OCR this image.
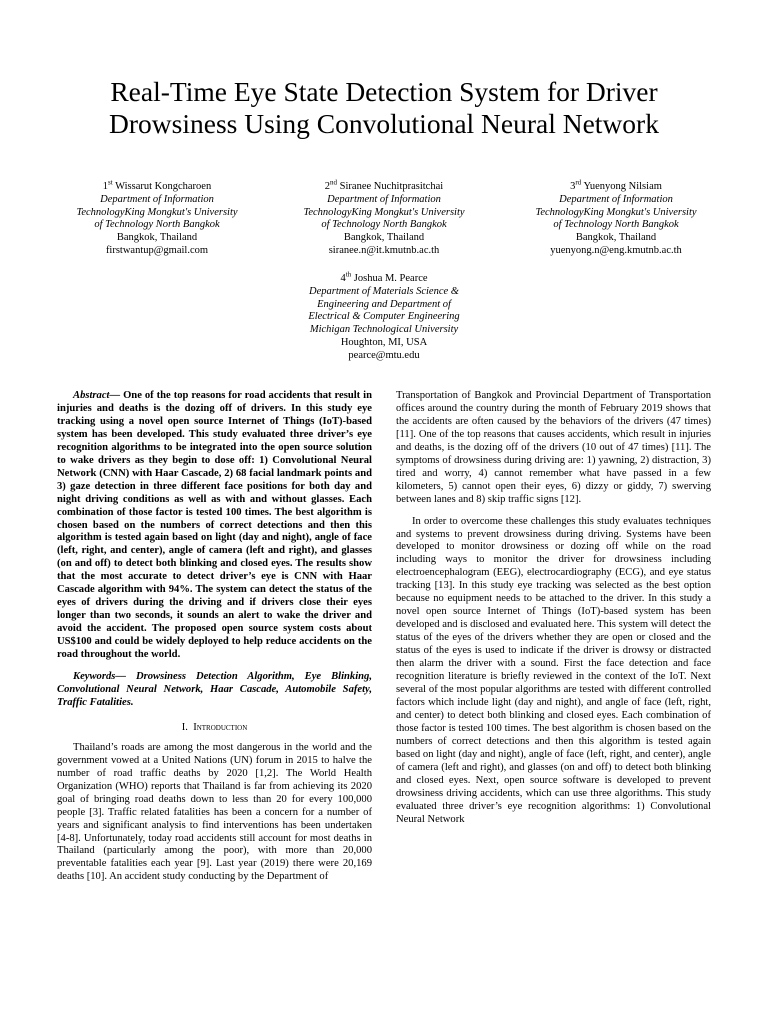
Real-Time Eye State Detection System for Driver
Drowsiness Using Convolutional Neural Network
1st Wissarut Kongcharoen
Department of Information
TechnologyKing Mongkut's University
of Technology North Bangkok
Bangkok, Thailand
firstwantup@gmail.com
2nd Siranee Nuchitprasitchai
Department of Information
TechnologyKing Mongkut's University
of Technology North Bangkok
Bangkok, Thailand
siranee.n@it.kmutnb.ac.th
3rd Yuenyong Nilsiam
Department of Information
TechnologyKing Mongkut's University
of Technology North Bangkok
Bangkok, Thailand
yuenyong.n@eng.kmutnb.ac.th
4th Joshua M. Pearce
Department of Materials Science &
Engineering and Department of
Electrical & Computer Engineering
Michigan Technological University
Houghton, MI, USA
pearce@mtu.edu

Abstract— One of the top reasons for road accidents that result in injuries and deaths is the dozing off of drivers. In this study eye tracking using a novel open source Internet of Things (IoT)-based system has been developed. This study evaluated three driver’s eye recognition algorithms to be integrated into the open source solution to wake drivers as they begin to dose off: 1) Convolutional Neural Network (CNN) with Haar Cascade, 2) 68 facial landmark points and 3) gaze detection in three different face positions for both day and night driving conditions as well as with and without glasses. Each combination of those factor is tested 100 times. The best algorithm is chosen based on the numbers of correct detections and then this algorithm is tested again based on light (day and night), angle of face (left, right, and center), angle of camera (left and right), and glasses (on and off) to detect both blinking and closed eyes. The results show that the most accurate to detect driver’s eye is CNN with Haar Cascade algorithm with 94%. The system can detect the status of the eyes of drivers during the driving and if drivers close their eyes longer than two seconds, it sounds an alert to wake the driver and avoid the accident. The proposed open source system costs about US$100 and could be widely deployed to help reduce accidents on the road throughout the world.

Keywords— Drowsiness Detection Algorithm, Eye Blinking, Convolutional Neural Network, Haar Cascade, Automobile Safety, Traffic Fatalities.

I. Introduction

Thailand’s roads are among the most dangerous in the world and the government vowed at a United Nations (UN) forum in 2015 to halve the number of road traffic deaths by 2020 [1,2]. The World Health Organization (WHO) reports that Thailand is far from achieving its 2020 goal of bringing road deaths down to less than 20 for every 100,000 people [3]. Traffic related fatalities has been a concern for a number of years and significant analysis to find interventions has been undertaken [4-8]. Unfortunately, today road accidents still account for most deaths in Thailand (particularly among the poor), with more than 20,000 preventable fatalities each year [9]. Last year (2019) there were 20,169 deaths [10]. An accident study conducting by the Department of

Transportation of Bangkok and Provincial Department of Transportation offices around the country during the month of February 2019 shows that the accidents are often caused by the behaviors of the drivers (47 times) [11]. One of the top reasons that causes accidents, which result in injuries and deaths, is the dozing off of the drivers (10 out of 47 times) [11]. The symptoms of drowsiness during driving are: 1) yawning, 2) distraction, 3) tired and worry, 4) cannot remember what have passed in a few kilometers, 5) cannot open their eyes, 6) dizzy or giddy, 7) swerving between lanes and 8) skip traffic signs [12].

In order to overcome these challenges this study evaluates techniques and systems to prevent drowsiness during driving. Systems have been developed to monitor drowsiness or dozing off while on the road including ways to monitor the driver for drowsiness including electroencephalogram (EEG), electrocardiography (ECG), and eye status tracking [13]. In this study eye tracking was selected as the best option because no equipment needs to be attached to the driver. In this study a novel open source Internet of Things (IoT)-based system has been developed and is disclosed and evaluated here. This system will detect the status of the eyes of the drivers whether they are open or closed and the status of the eyes is used to indicate if the driver is drowsy or distracted then alarm the driver with a sound. First the face detection and face recognition literature is briefly reviewed in the context of the IoT. Next several of the most popular algorithms are tested with different controlled factors which include light (day and night), and angle of face (left, right, and center) to detect both blinking and closed eyes. Each combination of those factor is tested 100 times. The best algorithm is chosen based on the numbers of correct detections and then this algorithm is tested again based on light (day and night), angle of face (left, right, and center), angle of camera (left and right), and glasses (on and off) to detect both blinking and closed eyes. Next, open source software is developed to prevent drowsiness driving accidents, which can use three algorithms. This study evaluated three driver’s eye recognition algorithms: 1) Convolutional Neural Network
